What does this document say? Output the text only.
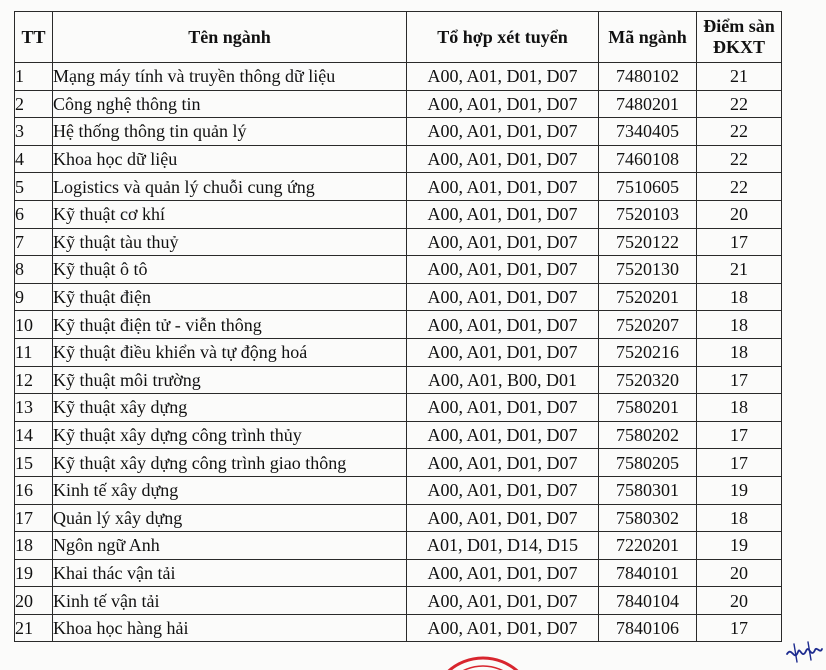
TT	Tên ngành	Tổ hợp xét tuyển	Mã ngành	Điểm sàn
ĐKXT
1	Mạng máy tính và truyền thông dữ liệu	A00, A01, D01, D07	7480102	21
2	Công nghệ thông tin	A00, A01, D01, D07	7480201	22
3	Hệ thống thông tin quản lý	A00, A01, D01, D07	7340405	22
4	Khoa học dữ liệu	A00, A01, D01, D07	7460108	22
5	Logistics và quản lý chuỗi cung ứng	A00, A01, D01, D07	7510605	22
6	Kỹ thuật cơ khí	A00, A01, D01, D07	7520103	20
7	Kỹ thuật tàu thuỷ	A00, A01, D01, D07	7520122	17
8	Kỹ thuật ô tô	A00, A01, D01, D07	7520130	21
9	Kỹ thuật điện	A00, A01, D01, D07	7520201	18
10	Kỹ thuật điện tử - viễn thông	A00, A01, D01, D07	7520207	18
11	Kỹ thuật điều khiển và tự động hoá	A00, A01, D01, D07	7520216	18
12	Kỹ thuật môi trường	A00, A01, B00, D01	7520320	17
13	Kỹ thuật xây dựng	A00, A01, D01, D07	7580201	18
14	Kỹ thuật xây dựng công trình thủy	A00, A01, D01, D07	7580202	17
15	Kỹ thuật xây dựng công trình giao thông	A00, A01, D01, D07	7580205	17
16	Kinh tế xây dựng	A00, A01, D01, D07	7580301	19
17	Quản lý xây dựng	A00, A01, D01, D07	7580302	18
18	Ngôn ngữ Anh	A01, D01, D14, D15	7220201	19
19	Khai thác vận tải	A00, A01, D01, D07	7840101	20
20	Kinh tế vận tải	A00, A01, D01, D07	7840104	20
21	Khoa học hàng hải	A00, A01, D01, D07	7840106	17
